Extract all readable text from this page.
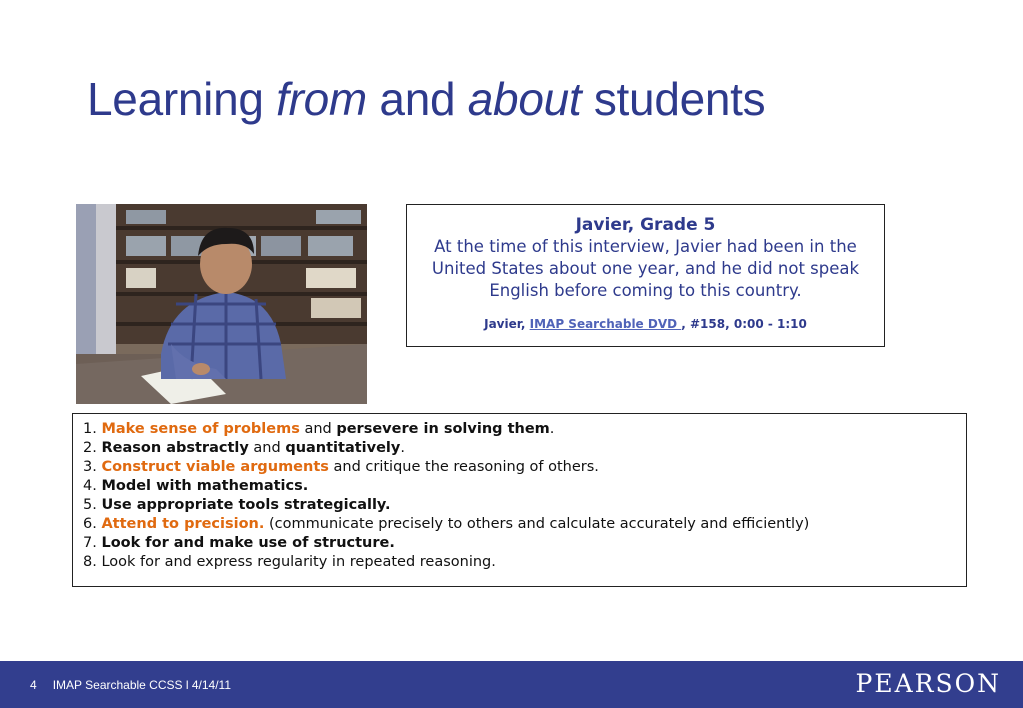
Learning from and about students
Javier, Grade 5
At the time of this interview, Javier had been in the United States about one year, and he did not speak English before coming to this country.
Javier, IMAP Searchable DVD , #158, 0:00 - 1:10
1. Make sense of problems and persevere in solving them.
2. Reason abstractly and quantitatively.
3. Construct viable arguments and critique the reasoning of others.
4. Model with mathematics.
5. Use appropriate tools strategically.
6. Attend to precision. (communicate precisely to others and calculate accurately and efficiently)
7. Look for and make use of structure.
8. Look for and express regularity in repeated reasoning.
4 IMAP Searchable CCSS l 4/14/11	PEARSON
